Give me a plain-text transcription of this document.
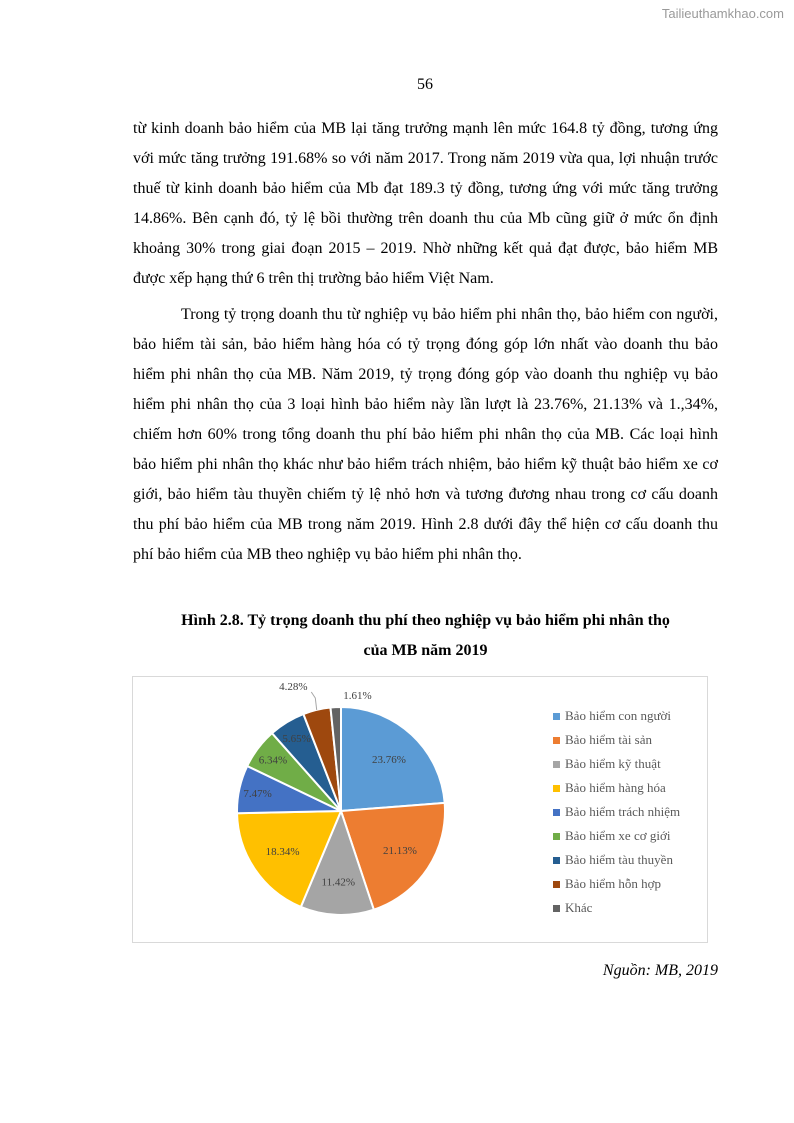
Tailieuthamkhao.com
56

từ kinh doanh bảo hiểm của MB lại tăng trưởng mạnh lên mức 164.8 tỷ đồng, tương ứng với mức tăng trưởng 191.68% so với năm 2017. Trong năm 2019 vừa qua, lợi nhuận trước thuế từ kinh doanh bảo hiểm của Mb đạt 189.3 tỷ đồng, tương ứng với mức tăng trưởng 14.86%. Bên cạnh đó, tỷ lệ bồi thường trên doanh thu của Mb cũng giữ ở mức ổn định khoảng 30% trong giai đoạn 2015 – 2019. Nhờ những kết quả đạt được, bảo hiểm MB được xếp hạng thứ 6 trên thị trường bảo hiểm Việt Nam.

Trong tỷ trọng doanh thu từ nghiệp vụ bảo hiểm phi nhân thọ, bảo hiểm con người, bảo hiểm tài sản, bảo hiểm hàng hóa có tỷ trọng đóng góp lớn nhất vào doanh thu bảo hiểm phi nhân thọ của MB. Năm 2019, tỷ trọng đóng góp vào doanh thu nghiệp vụ bảo hiểm phi nhân thọ của 3 loại hình bảo hiểm này lần lượt là 23.76%, 21.13% và 1.,34%, chiếm hơn 60% trong tổng doanh thu phí bảo hiểm phi nhân thọ của MB. Các loại hình bảo hiểm phi nhân thọ khác như bảo hiểm trách nhiệm, bảo hiểm kỹ thuật bảo hiểm xe cơ giới, bảo hiểm tàu thuyền chiếm tỷ lệ nhỏ hơn và tương đương nhau trong cơ cấu doanh thu phí bảo hiểm của MB trong năm 2019. Hình 2.8 dưới đây thể hiện cơ cấu doanh thu phí bảo hiểm của MB theo nghiệp vụ bảo hiểm phi nhân thọ.

Hình 2.8. Tỷ trọng doanh thu phí theo nghiệp vụ bảo hiểm phi nhân thọ
của MB năm 2019
23.76%
21.13%
11.42%
18.34%
7.47%
6.34%
5.65%
4.28%
1.61%
Bảo hiểm con người
Bảo hiểm tài sản
Bảo hiểm kỹ thuật
Bảo hiểm hàng hóa
Bảo hiểm trách nhiệm
Bảo hiểm xe cơ giới
Bảo hiểm tàu thuyền
Bảo hiểm hỗn hợp
Khác
Nguồn: MB, 2019
